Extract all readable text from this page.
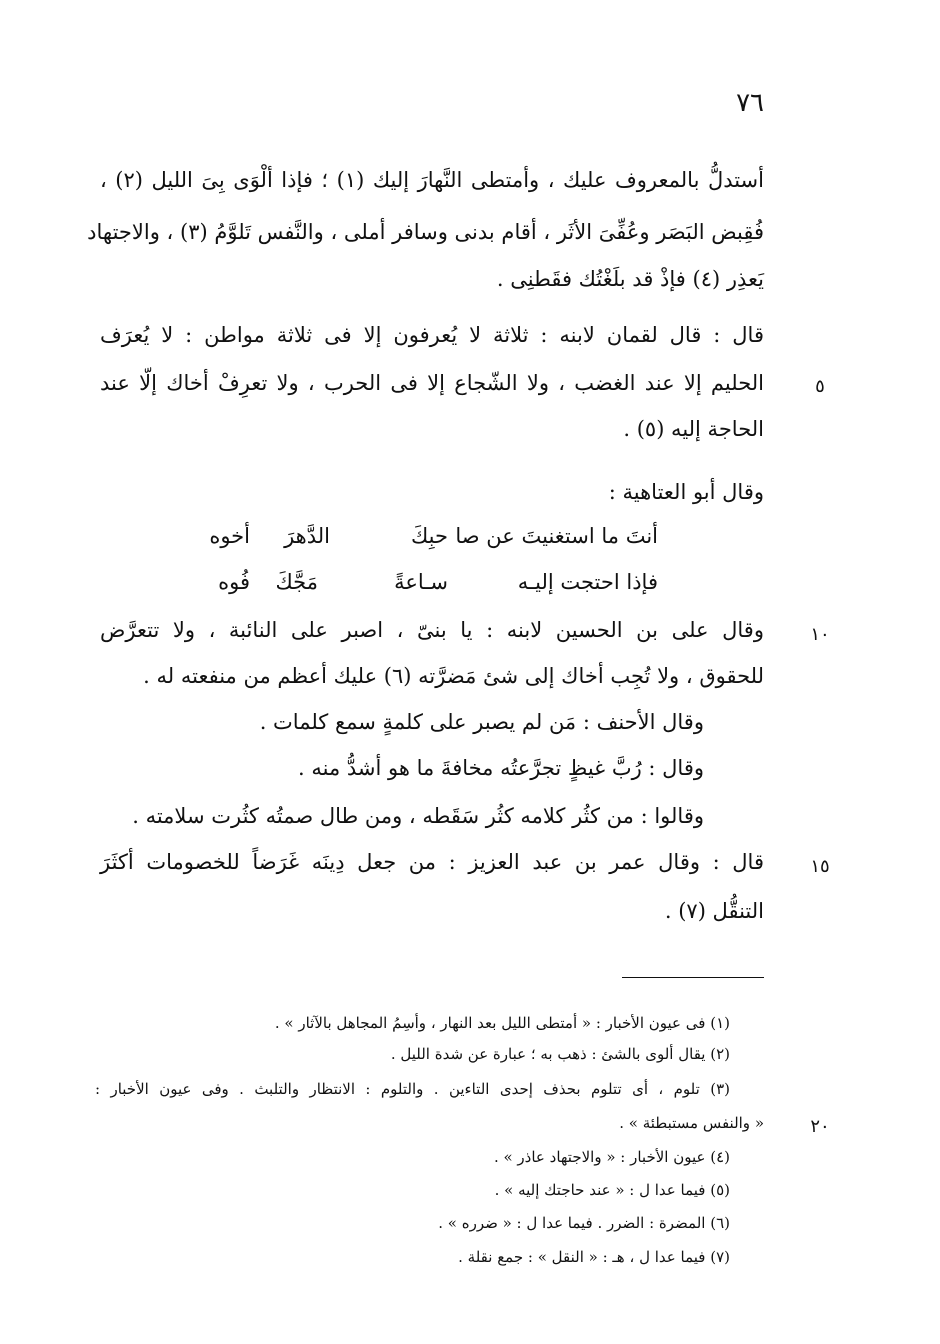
٧٦
أستدلُّ بالمعروف عليك ، وأمتطى النَّهارَ إليك (١) ؛ فإذا ألْوَى بِىَ الليل (٢) ،
فُقِبض البَصَر وعُفِّىَ الأثَر ، أقام بدنى وسافر أملى ، والنَّفس تَلوَّمُ (٣) ، والاجتهاد
يَعذِر (٤) فإذْ قد بلَغْتُك فقَطنِى .
قال : قال لقمان لابنه : ثلاثة لا يُعرفون إلا فى ثلاثة مواطن : لا يُعرَف
الحليم إلا عند الغضب ، ولا الشّجاع إلا فى الحرب ، ولا تعرِفْ أخاك إلّا عند
الحاجة إليه (٥) .
وقال أبو العتاهية :
أنتَ ما استغنيتَ عن صا
حبِكَ
الدَّهرَ
أخوه
فإذا احتجت إليـه
سـاعةً
مَجَّكَ
فُوه
وقال على بن الحسين لابنه : يا بنىّ ، اصبر على النائبة ، ولا تتعرَّض
للحقوق ، ولا تُجِب أخاك إلى شئ مَضرَّته (٦) عليك أعظم من منفعته له .
وقال الأحنف : مَن لم يصبر على كلمةٍ سمع كلمات .
وقال : رُبَّ غيظٍ تجرَّعتُه مخافةَ ما هو أشدُّ منه .
وقالوا : من كثُر كلامه كثُر سَقَطه ، ومن طال صمتُه كثُرت سلامته .
قال : وقال عمر بن عبد العزيز : من جعل دِينَه غَرَضاً للخصومات أكثَرَ
التنقُّل (٧) .
٥
١٠
١٥
٢٠
(١) فى عيون الأخبار : « أمتطى الليل بعد النهار ، وأسِمُ المجاهل بالآثار » .
(٢) يقال ألوى بالشئ : ذهب به ؛ عبارة عن شدة الليل .
(٣) تلوم ، أى تتلوم بحذف إحدى التاءين . والتلوم : الانتظار والتلبث . وفى عيون الأخبار :
« والنفس مستبطئة » .
(٤) عيون الأخبار : « والاجتهاد عاذر » .
(٥) فيما عدا ل : « عند حاجتك إليه » .
(٦) المضرة : الضرر . فيما عدا ل : « ضرره » .
(٧) فيما عدا ل ، هـ : « النقل » : جمع نقلة .
